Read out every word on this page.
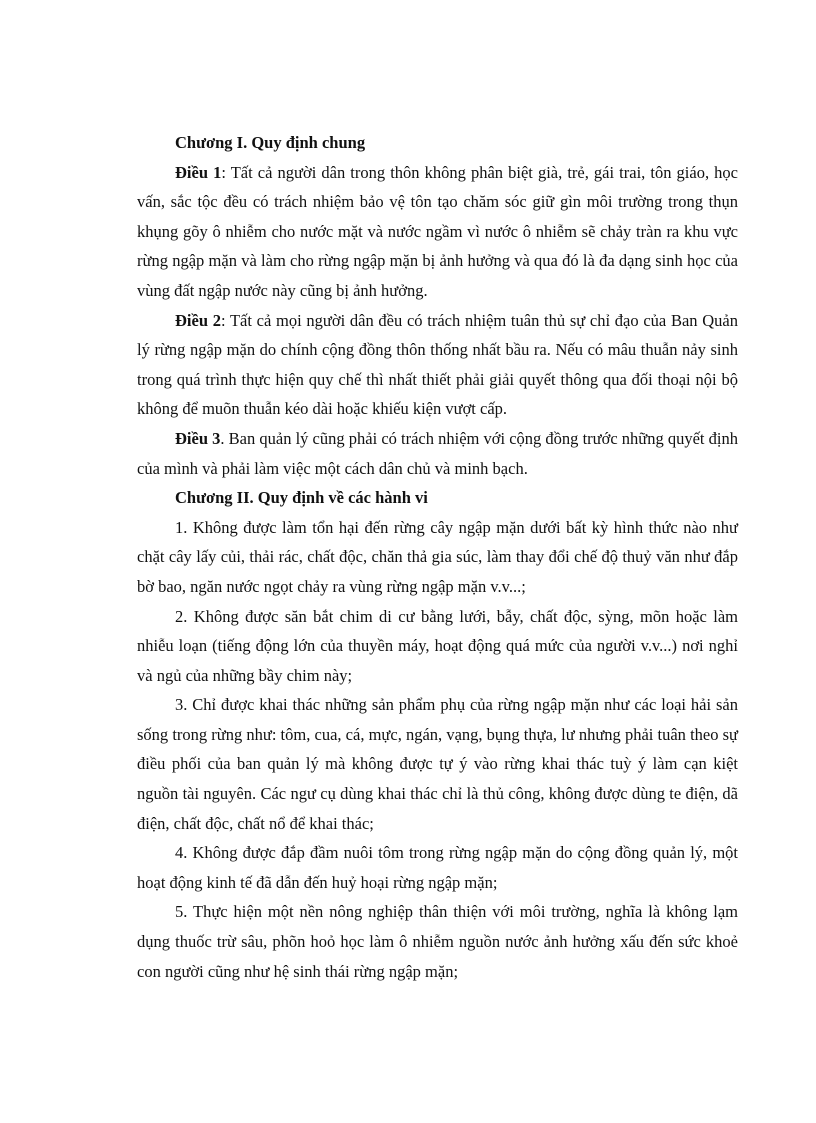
Chương I. Quy định chung

Điều 1: Tất cả người dân trong thôn không phân biệt già, trẻ, gái trai, tôn giáo, học vấn, sắc tộc đều có trách nhiệm bảo vệ tôn tạo chăm sóc giữ gìn môi trường trong thụn khụng gõy ô nhiễm cho nước mặt và nước ngầm vì nước ô nhiễm sẽ chảy tràn ra khu vực rừng ngập mặn và làm cho rừng ngập mặn bị ảnh hưởng và qua đó là đa dạng sinh học của vùng đất ngập nước này cũng bị ảnh hưởng.

Điều 2: Tất cả mọi người dân đều có trách nhiệm tuân thủ sự chỉ đạo của Ban Quản lý rừng ngập mặn do chính cộng đồng thôn thống nhất bầu ra. Nếu có mâu thuẫn nảy sinh trong quá trình thực hiện quy chế thì nhất thiết phải giải quyết thông qua đối thoại nội bộ không để muõn thuẫn kéo dài hoặc khiếu kiện vượt cấp.

Điều 3. Ban quản lý cũng phải có trách nhiệm với cộng đồng trước những quyết định của mình và phải làm việc một cách dân chủ và minh bạch.

Chương II. Quy định về các hành vi

1. Không được làm tổn hại đến rừng cây ngập mặn dưới bất kỳ hình thức nào như chặt cây lấy củi, thải rác, chất độc, chăn thả gia súc, làm thay đổi chế độ thuỷ văn như đắp bờ bao, ngăn nước ngọt chảy ra vùng rừng ngập mặn v.v...;

2. Không được săn bắt chim di cư bằng lưới, bẫy, chất độc, sỳng, mõn hoặc làm nhiễu loạn (tiếng động lớn của thuyền máy, hoạt động quá mức của người v.v...) nơi nghỉ và ngủ của những bầy chim này;

3. Chỉ được khai thác những sản phẩm phụ của rừng ngập mặn như các loại hải sản sống trong rừng như: tôm, cua, cá, mực, ngán, vạng, bụng thựa, lư nhưng phải tuân theo sự điều phối của ban quản lý mà không được tự ý vào rừng khai thác tuỳ ý làm cạn kiệt nguồn tài nguyên. Các ngư cụ dùng khai thác chỉ là thủ công, không được dùng te điện, dã điện, chất độc, chất nổ để khai thác;

4. Không được đắp đầm nuôi tôm trong rừng ngập mặn do cộng đồng quản lý, một hoạt động kinh tế đã dẫn đến huỷ hoại rừng ngập mặn;

5. Thực hiện một nền nông nghiệp thân thiện với môi trường, nghĩa là không lạm dụng thuốc trừ sâu, phõn hoỏ học làm ô nhiễm nguồn nước ảnh hưởng xấu đến sức khoẻ con người cũng như hệ sinh thái rừng ngập mặn;
